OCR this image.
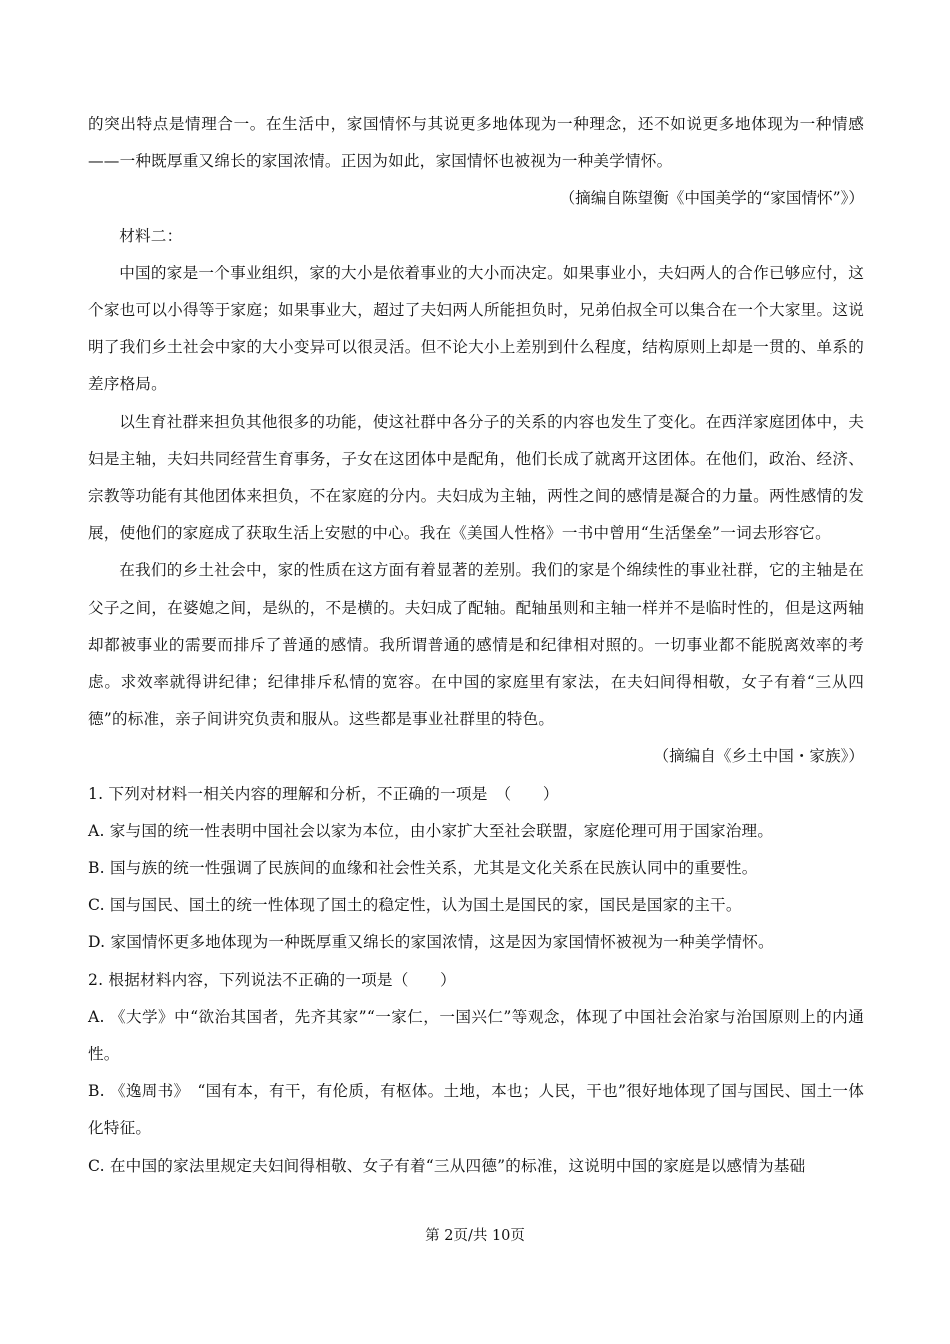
的突出特点是情理合一。在生活中，家国情怀与其说更多地体现为一种理念，还不如说更多地体现为一种情感——一种既厚重又绵长的家国浓情。正因为如此，家国情怀也被视为一种美学情怀。

（摘编自陈望衡《中国美学的“家国情怀”》）

材料二：

中国的家是一个事业组织，家的大小是依着事业的大小而决定。如果事业小，夫妇两人的合作已够应付，这个家也可以小得等于家庭；如果事业大，超过了夫妇两人所能担负时，兄弟伯叔全可以集合在一个大家里。这说明了我们乡土社会中家的大小变异可以很灵活。但不论大小上差别到什么程度，结构原则上却是一贯的、单系的差序格局。

以生育社群来担负其他很多的功能，使这社群中各分子的关系的内容也发生了变化。在西洋家庭团体中，夫妇是主轴，夫妇共同经营生育事务，子女在这团体中是配角，他们长成了就离开这团体。在他们，政治、经济、宗教等功能有其他团体来担负，不在家庭的分内。夫妇成为主轴，两性之间的感情是凝合的力量。两性感情的发展，使他们的家庭成了获取生活上安慰的中心。我在《美国人性格》一书中曾用“生活堡垒”一词去形容它。

在我们的乡土社会中，家的性质在这方面有着显著的差别。我们的家是个绵续性的事业社群，它的主轴是在父子之间，在婆媳之间，是纵的，不是横的。夫妇成了配轴。配轴虽则和主轴一样并不是临时性的，但是这两轴却都被事业的需要而排斥了普通的感情。我所谓普通的感情是和纪律相对照的。一切事业都不能脱离效率的考虑。求效率就得讲纪律；纪律排斥私情的宽容。在中国的家庭里有家法，在夫妇间得相敬，女子有着“三从四德”的标准，亲子间讲究负责和服从。这些都是事业社群里的特色。

（摘编自《乡土中国・家族》）

1. 下列对材料一相关内容的理解和分析，不正确的一项是　（　　）

A. 家与国的统一性表明中国社会以家为本位，由小家扩大至社会联盟，家庭伦理可用于国家治理。

B. 国与族的统一性强调了民族间的血缘和社会性关系，尤其是文化关系在民族认同中的重要性。

C. 国与国民、国土的统一性体现了国土的稳定性，认为国土是国民的家，国民是国家的主干。

D. 家国情怀更多地体现为一种既厚重又绵长的家国浓情，这是因为家国情怀被视为一种美学情怀。

2. 根据材料内容，下列说法不正确的一项是（　　）

A. 《大学》中“欲治其国者，先齐其家”“一家仁，一国兴仁”等观念，体现了中国社会治家与治国原则上的内通性。

B. 《逸周书》　“国有本，有干，有伦质，有枢体。土地，本也；人民，干也”很好地体现了国与国民、国土一体化特征。

C. 在中国的家法里规定夫妇间得相敬、女子有着“三从四德”的标准，这说明中国的家庭是以感情为基础

第 2页/共 10页
